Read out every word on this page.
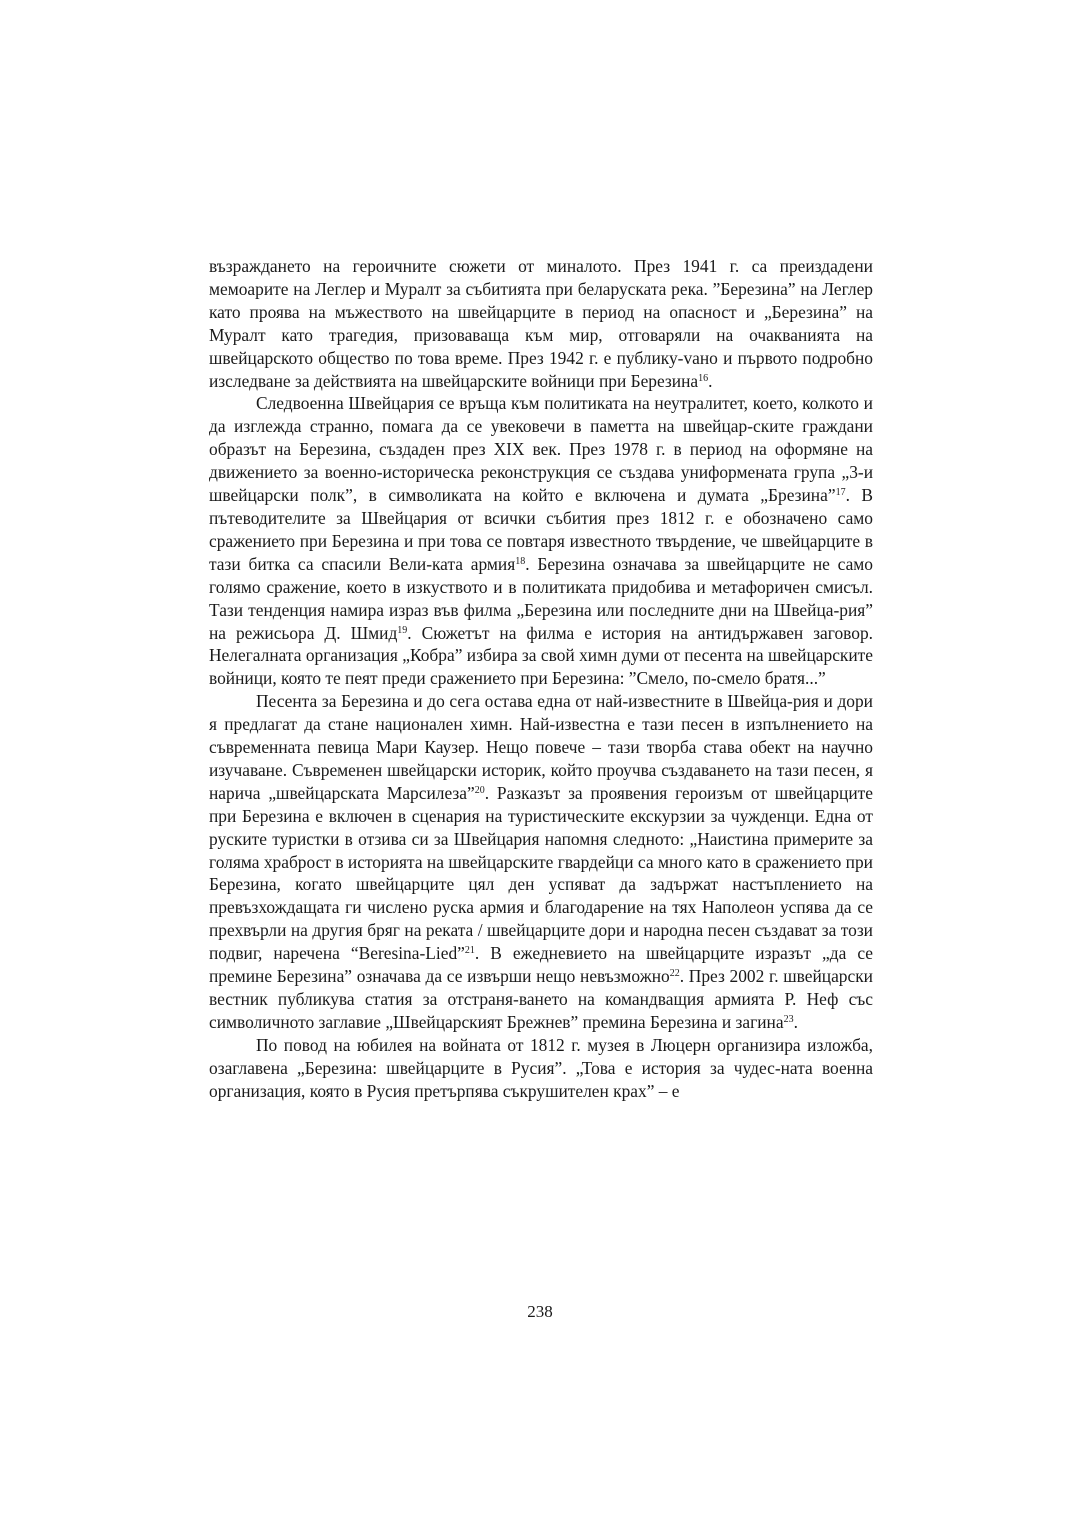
възраждането на героичните сюжети от миналото. През 1941 г. са преиздадени мемоарите на Леглер и Муралт за събитията при беларуската река. ”Березина” на Леглер като проява на мъжеството на швейцарците в период на опасност и „Березина” на Муралт като трагедия, призоваваща към мир, отговаряли на очакванията на швейцарското общество по това време. През 1942 г. е публику-vано и първото подробно изследване за действията на швейцарските войници при Березина$^{16}$.

Следвоенна Швейцария се връща към политиката на неутралитет, което, колкото и да изглежда странно, помага да се увековечи в паметта на швейцар-ските граждани образът на Березина, създаден през XIX век. През 1978 г. в период на оформяне на движението за военно-историческа реконструкция се създава униформената група „3-и швейцарски полк”, в символиката на който е включена и думата „Брезина”$^{17}$. В пътеводителите за Швейцария от всички събития през 1812 г. е обозначено само сражението при Березина и при това се повтаря известното твърдение, че швейцарците в тази битка са спасили Вели-ката армия$^{18}$. Березина означава за швейцарците не само голямо сражение, което в изкуството и в политиката придобива и метафоричен смисъл. Тази тенденция намира израз във филма „Березина или последните дни на Швейца-рия” на режисьора Д. Шмид$^{19}$. Сюжетът на филма е история на антидържавен заговор. Нелегалната организация „Кобра” избира за свой химн думи от песента на швейцарските войници, която те пеят преди сражението при Березина: ”Смело, по-смело братя...”

Песента за Березина и до сега остава една от най-известните в Швейца-рия и дори я предлагат да стане национален химн. Най-известна е тази песен в изпълнението на съвременната певица Мари Каузер. Нещо повече – тази творба става обект на научно изучаване. Съвременен швейцарски историк, който проучва създаването на тази песен, я нарича „швейцарската Марсилеза”$^{20}$. Разказът за проявения героизъм от швейцарците при Березина е включен в сценария на туристическите екскурзии за чужденци. Една от руските туристки в отзива си за Швейцария напомня следното: „Наистина примерите за голяма храброст в историята на швейцарските гвардейци са много като в сражението при Березина, когато швейцарците цял ден успяват да задържат настъплението на превъзхождащата ги числено руска армия и благодарение на тях Наполеон успява да се прехвърли на другия бряг на реката / швейцарците дори и народна песен създават за този подвиг, наречена “Beresina-Lied”$^{21}$. В ежедневието на швейцарците изразът „да се премине Березина” означава да се извърши нещо невъзможно$^{22}$. През 2002 г. швейцарски вестник публикува статия за отстраня-ването на командващия армията Р. Неф със символичното заглавие „Швейцарският Брежнев” премина Березина и загина$^{23}$.

По повод на юбилея на войната от 1812 г. музея в Люцерн организира изложба, озаглавена „Березина: швейцарците в Русия”. „Това е история за чудес-ната военна организация, която в Русия претърпява съкрушителен крах” – е

238
